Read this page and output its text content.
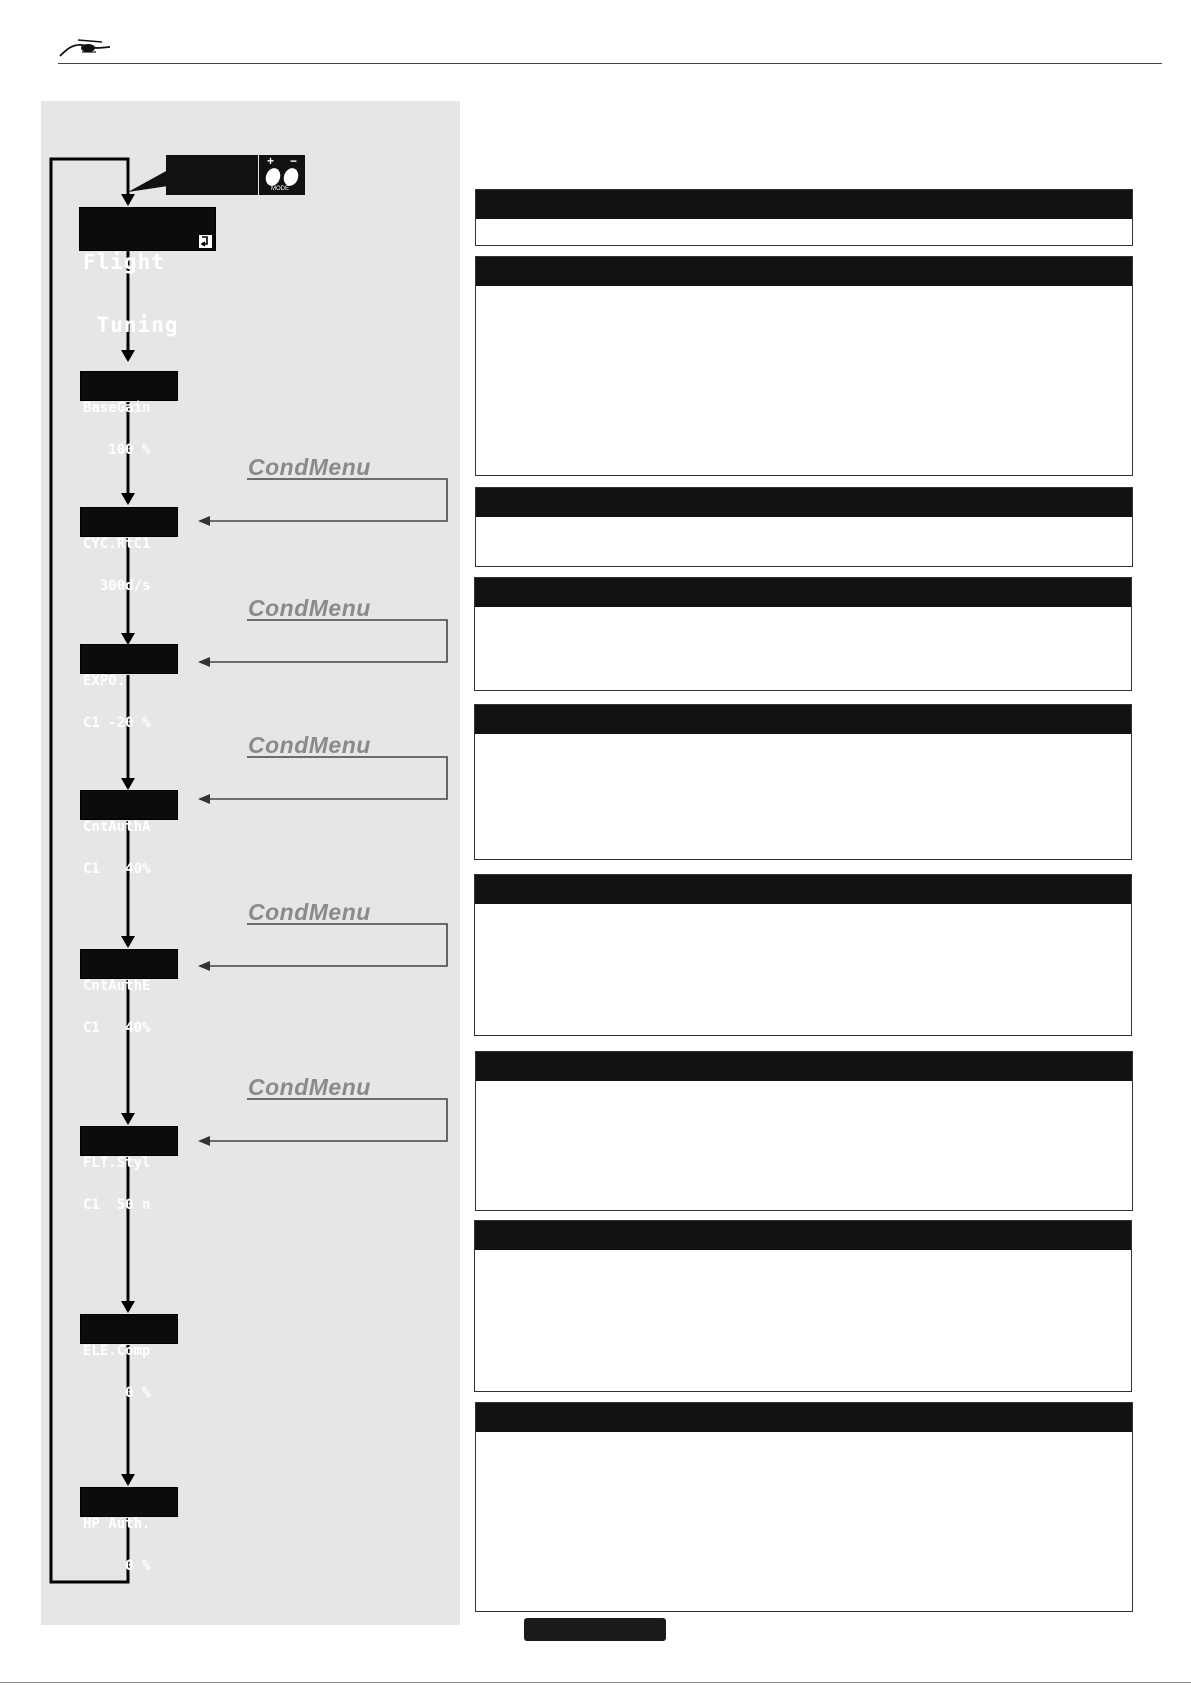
+ −
MODE

Flight

Tuning

BaseGain

100 %

CYC.RtC1

300d/s

EXPO.

C1 -20 %

CntAuthA

C1   40%

CntAuthE

C1   40%

FLT.Styl

C1  50 n

ELE.Comp

0 %

HP Auth.

0 %

CondMenu
CondMenu
CondMenu
CondMenu
CondMenu
